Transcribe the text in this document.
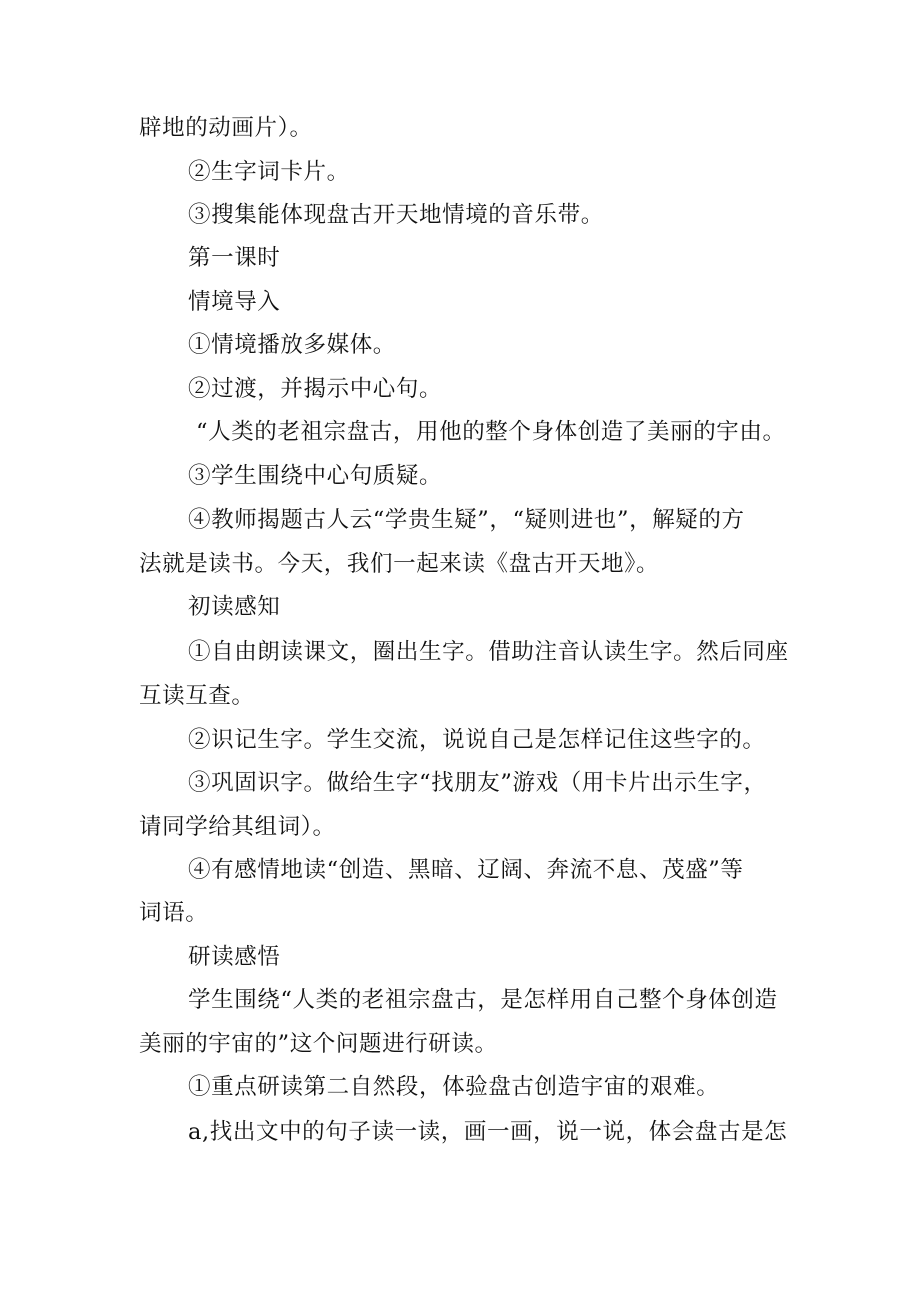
辟地的动画片）。
②生字词卡片。
③搜集能体现盘古开天地情境的音乐带。
第一课时
情境导入
①情境播放多媒体。
②过渡，并揭示中心句。
“人类的老祖宗盘古，用他的整个身体创造了美丽的宇由。
③学生围绕中心句质疑。
④教师揭题古人云“学贵生疑”，“疑则进也”，解疑的方
法就是读书。今天，我们一起来读《盘古开天地》。
初读感知
①自由朗读课文，圈出生字。借助注音认读生字。然后同座
互读互查。
②识记生字。学生交流，说说自己是怎样记住这些字的。
③巩固识字。做给生字“找朋友”游戏（用卡片出示生字，
请同学给其组词）。
④有感情地读“创造、黑暗、辽阔、奔流不息、茂盛”等
词语。
研读感悟
学生围绕“人类的老祖宗盘古，是怎样用自己整个身体创造
美丽的宇宙的”这个问题进行研读。
①重点研读第二自然段，体验盘古创造宇宙的艰难。
a,找出文中的句子读一读，画一画，说一说，体会盘古是怎
